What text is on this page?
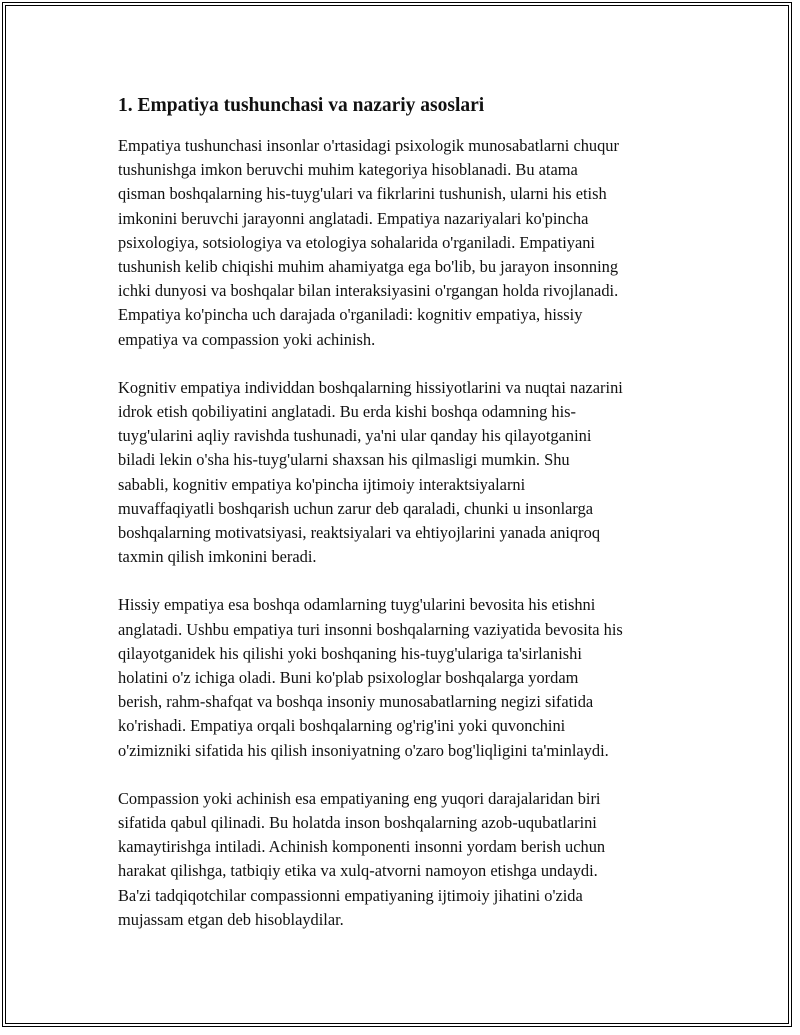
1. Empatiya tushunchasi va nazariy asoslari
Empatiya tushunchasi insonlar o'rtasidagi psixologik munosabatlarni chuqur
tushunishga imkon beruvchi muhim kategoriya hisoblanadi. Bu atama
qisman boshqalarning his-tuyg'ulari va fikrlarini tushunish, ularni his etish
imkonini beruvchi jarayonni anglatadi. Empatiya nazariyalari ko'pincha
psixologiya, sotsiologiya va etologiya sohalarida o'rganiladi. Empatiyani
tushunish kelib chiqishi muhim ahamiyatga ega bo'lib, bu jarayon insonning
ichki dunyosi va boshqalar bilan interaksiyasini o'rgangan holda rivojlanadi.
Empatiya ko'pincha uch darajada o'rganiladi: kognitiv empatiya, hissiy
empatiya va compassion yoki achinish.
Kognitiv empatiya individdan boshqalarning hissiyotlarini va nuqtai nazarini
idrok etish qobiliyatini anglatadi. Bu erda kishi boshqa odamning his-
tuyg'ularini aqliy ravishda tushunadi, ya'ni ular qanday his qilayotganini
biladi lekin o'sha his-tuyg'ularni shaxsan his qilmasligi mumkin. Shu
sababli, kognitiv empatiya ko'pincha ijtimoiy interaktsiyalarni
muvaffaqiyatli boshqarish uchun zarur deb qaraladi, chunki u insonlarga
boshqalarning motivatsiyasi, reaktsiyalari va ehtiyojlarini yanada aniqroq
taxmin qilish imkonini beradi.
Hissiy empatiya esa boshqa odamlarning tuyg'ularini bevosita his etishni
anglatadi. Ushbu empatiya turi insonni boshqalarning vaziyatida bevosita his
qilayotganidek his qilishi yoki boshqaning his-tuyg'ulariga ta'sirlanishi
holatini o'z ichiga oladi. Buni ko'plab psixologlar boshqalarga yordam
berish, rahm-shafqat va boshqa insoniy munosabatlarning negizi sifatida
ko'rishadi. Empatiya orqali boshqalarning og'rig'ini yoki quvonchini
o'zimizniki sifatida his qilish insoniyatning o'zaro bog'liqligini ta'minlaydi.
Compassion yoki achinish esa empatiyaning eng yuqori darajalaridan biri
sifatida qabul qilinadi. Bu holatda inson boshqalarning azob-uqubatlarini
kamaytirishga intiladi. Achinish komponenti insonni yordam berish uchun
harakat qilishga, tatbiqiy etika va xulq-atvorni namoyon etishga undaydi.
Ba'zi tadqiqotchilar compassionni empatiyaning ijtimoiy jihatini o'zida
mujassam etgan deb hisoblaydilar.
